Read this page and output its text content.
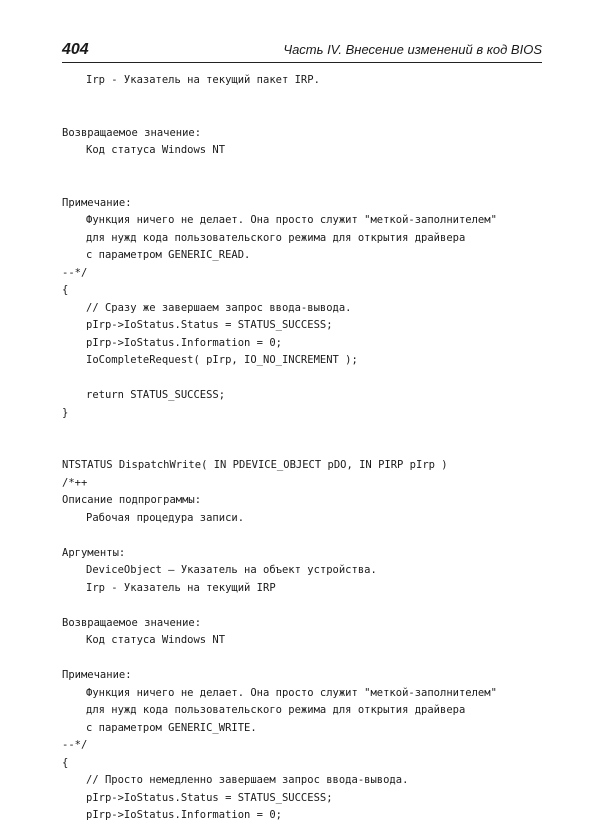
404	Часть IV. Внесение изменений в код BIOS
Irp - Указатель на текущий пакет IRP.
Возвращаемое значение:
Код статуса Windows NT
Примечание:
Функция ничего не делает. Она просто служит "меткой-заполнителем"
для нужд кода пользовательского режима для открытия драйвера
с параметром GENERIC_READ.
--*/
{
// Сразу же завершаем запрос ввода-вывода.
pIrp->IoStatus.Status = STATUS_SUCCESS;
pIrp->IoStatus.Information = 0;
IoCompleteRequest( pIrp, IO_NO_INCREMENT );
return STATUS_SUCCESS;
}
NTSTATUS DispatchWrite( IN PDEVICE_OBJECT pDO, IN PIRP pIrp )
/*++
Описание подпрограммы:
Рабочая процедура записи.
Аргументы:
DeviceObject — Указатель на объект устройства.
Irp - Указатель на текущий IRP
Возвращаемое значение:
Код статуса Windows NT
Примечание:
Функция ничего не делает. Она просто служит "меткой-заполнителем"
для нужд кода пользовательского режима для открытия драйвера
с параметром GENERIC_WRITE.
--*/
{
// Просто немедленно завершаем запрос ввода-вывода.
pIrp->IoStatus.Status = STATUS_SUCCESS;
pIrp->IoStatus.Information = 0;
